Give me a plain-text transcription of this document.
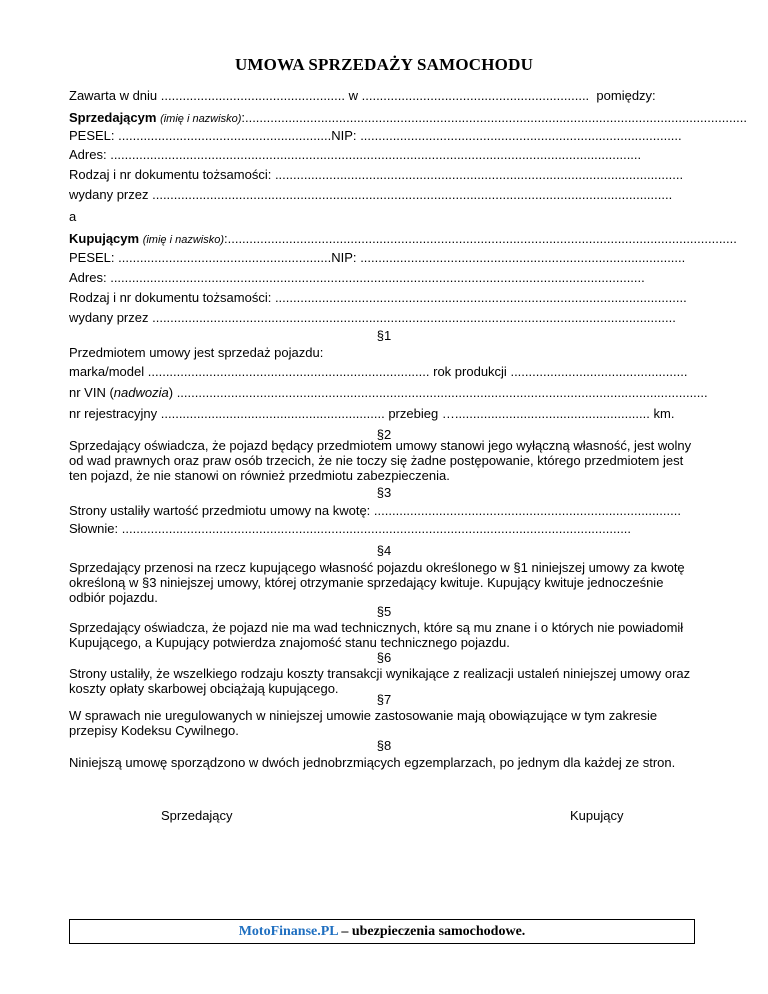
UMOWA SPRZEDAŻY SAMOCHODU
Zawarta w dniu ................................................... w ............................................................... pomiędzy:
Sprzedającym (imię i nazwisko):...........................................................................................................................................
PESEL: ...........................................................NIP: .........................................................................................
Adres: ...................................................................................................................................................
Rodzaj i nr dokumentu tożsamości: .................................................................................................................
wydany przez ................................................................................................................................................
a
Kupującym (imię i nazwisko):.............................................................................................................................................
PESEL: ...........................................................NIP: ..........................................................................................
Adres: ....................................................................................................................................................
Rodzaj i nr dokumentu tożsamości: ..................................................................................................................
wydany przez .................................................................................................................................................
§1
Przedmiotem umowy jest sprzedaż pojazdu:
marka/model .............................................................................. rok produkcji .................................................
nr VIN (nadwozia) ...................................................................................................................................................
nr rejestracyjny .............................................................. przebieg …...................................................... km.
§2
Sprzedający oświadcza, że pojazd będący przedmiotem umowy stanowi jego wyłączną własność, jest wolny od wad prawnych oraz praw osób trzecich, że nie toczy się żadne postępowanie, którego przedmiotem jest ten pojazd, że nie stanowi on również przedmiotu zabezpieczenia.
§3
Strony ustaliły wartość przedmiotu umowy na kwotę: .....................................................................................
Słownie: .............................................................................................................................................
§4
Sprzedający przenosi na rzecz kupującego własność pojazdu określonego w §1 niniejszej umowy za kwotę określoną w §3 niniejszej umowy, której otrzymanie sprzedający kwituje. Kupujący kwituje jednocześnie odbiór pojazdu.
§5
Sprzedający oświadcza, że pojazd nie ma wad technicznych, które są mu znane i o których nie powiadomił Kupującego, a Kupujący potwierdza znajomość stanu technicznego pojazdu.
§6
Strony ustaliły, że wszelkiego rodzaju koszty transakcji wynikające z realizacji ustaleń niniejszej umowy oraz koszty opłaty skarbowej obciążają kupującego.
§7
W sprawach nie uregulowanych w niniejszej umowie zastosowanie mają obowiązujące w tym zakresie przepisy Kodeksu Cywilnego.
§8
Niniejszą umowę sporządzono w dwóch jednobrzmiących egzemplarzach, po jednym dla każdej ze stron.
Sprzedający	Kupujący
MotoFinanse.PL – ubezpieczenia samochodowe.
